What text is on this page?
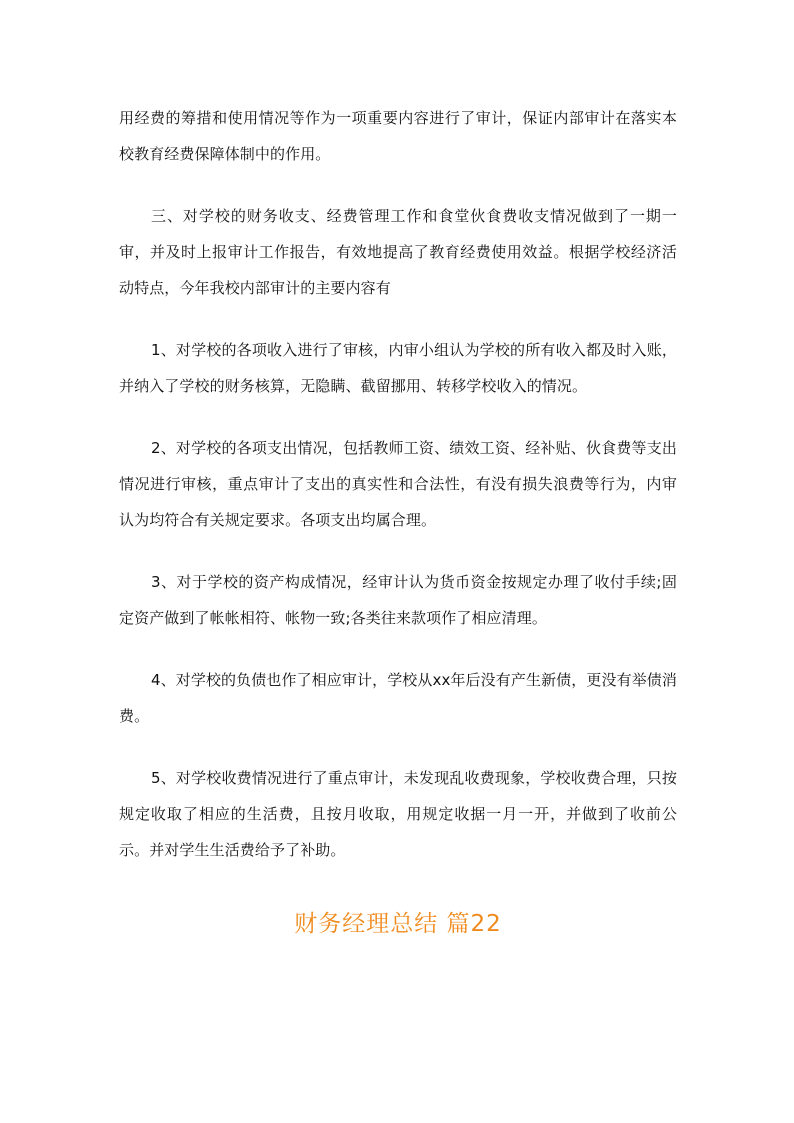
用经费的筹措和使用情况等作为一项重要内容进行了审计，保证内部审计在落实本校教育经费保障体制中的作用。

三、对学校的财务收支、经费管理工作和食堂伙食费收支情况做到了一期一审，并及时上报审计工作报告，有效地提高了教育经费使用效益。根据学校经济活动特点，今年我校内部审计的主要内容有

1、对学校的各项收入进行了审核，内审小组认为学校的所有收入都及时入账，并纳入了学校的财务核算，无隐瞒、截留挪用、转移学校收入的情况。

2、对学校的各项支出情况，包括教师工资、绩效工资、经补贴、伙食费等支出情况进行审核，重点审计了支出的真实性和合法性，有没有损失浪费等行为，内审认为均符合有关规定要求。各项支出均属合理。

3、对于学校的资产构成情况，经审计认为货币资金按规定办理了收付手续;固定资产做到了帐帐相符、帐物一致;各类往来款项作了相应清理。

4、对学校的负债也作了相应审计，学校从xx年后没有产生新债，更没有举债消费。

5、对学校收费情况进行了重点审计，未发现乱收费现象，学校收费合理，只按规定收取了相应的生活费，且按月收取，用规定收据一月一开，并做到了收前公示。并对学生生活费给予了补助。

财务经理总结 篇22
